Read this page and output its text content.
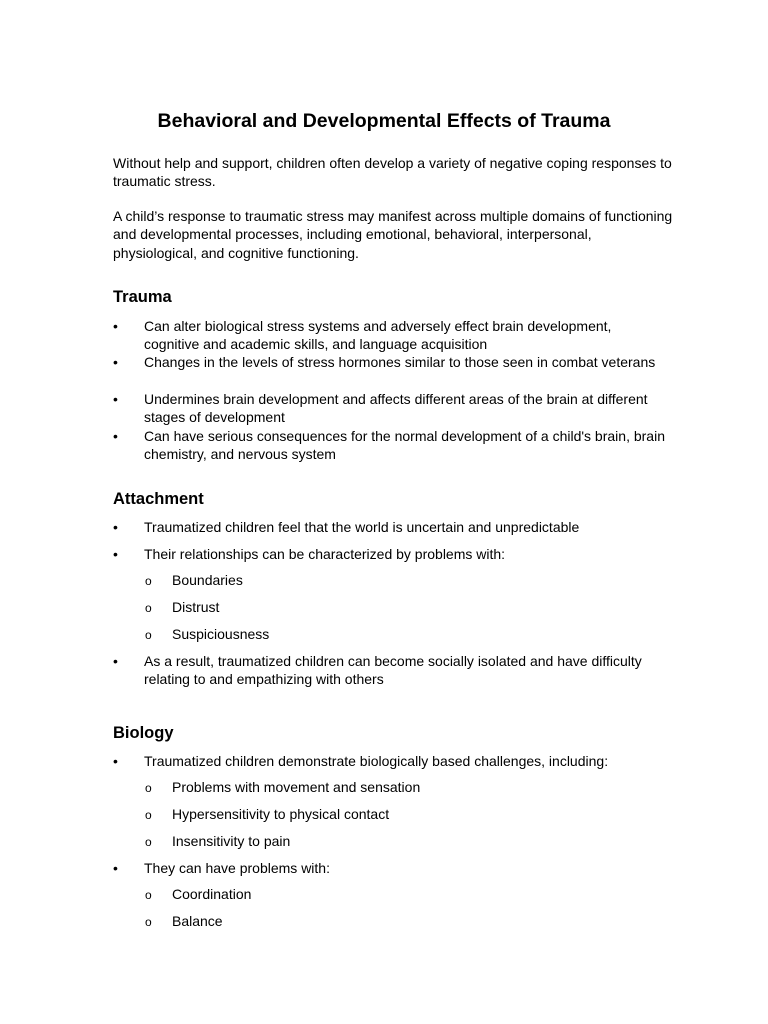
Behavioral and Developmental Effects of Trauma

Without help and support, children often develop a variety of negative coping responses to traumatic stress.

A child’s response to traumatic stress may manifest across multiple domains of functioning and developmental processes, including emotional, behavioral, interpersonal, physiological, and cognitive functioning.

Trauma
•	Can alter biological stress systems and adversely effect brain development, cognitive and academic skills, and language acquisition
•	Changes in the levels of stress hormones similar to those seen in combat veterans
•	Undermines brain development and affects different areas of the brain at different stages of development
•	Can have serious consequences for the normal development of a child's brain, brain chemistry, and nervous system
Attachment
•	Traumatized children feel that the world is uncertain and unpredictable
•	Their relationships can be characterized by problems with:
o Boundaries
o Distrust
o Suspiciousness
•	As a result, traumatized children can become socially isolated and have difficulty relating to and empathizing with others
Biology
•	Traumatized children demonstrate biologically based challenges, including:
o Problems with movement and sensation
o Hypersensitivity to physical contact
o Insensitivity to pain
•	They can have problems with:
o Coordination
o Balance
